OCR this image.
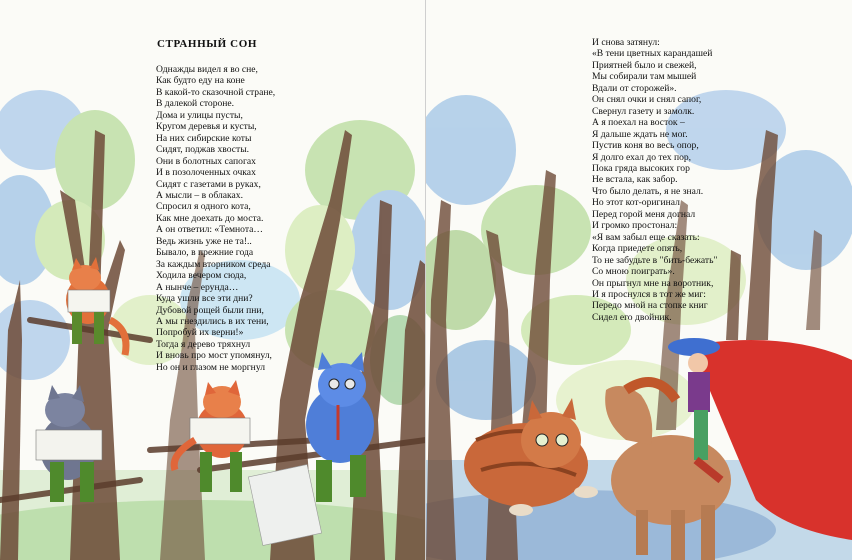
СТРАННЫЙ СОН
Однажды видел я во сне,
Как будто еду на коне
В какой-то сказочной стране,
В далекой стороне.
Дома и улицы пусты,
Кругом деревья и кусты,
На них сибирские коты
Сидят, поджав хвосты.
Они в болотных сапогах
И в позолоченных очках
Сидят с газетами в руках,
А мысли – в облаках.
Спросил я одного кота,
Как мне доехать до моста.
А он ответил: «Темнота…
Ведь жизнь уже не та!..
Бывало, в прежние года
За каждым вторником среда
Ходила вечером сюда,
А нынче – ерунда…
Куда ушли все эти дни?
Дубовой рощей были пни,
А мы гнездились в их тени,
Попробуй их верни!»
Тогда я дерево тряхнул
И вновь про мост упомянул,
Но он и глазом не моргнул
И снова затянул:
«В тени цветных карандашей
Приятней было и свежей,
Мы собирали там мышей
Вдали от сторожей».
Он снял очки и снял сапог,
Свернул газету и замолк.
А я поехал на восток –
Я дальше ждать не мог.
Пустив коня во весь опор,
Я долго ехал до тех пор,
Пока гряда высоких гор
Не встала, как забор.
Что было делать, я не знал.
Но этот кот-оригинал
Перед горой меня догнал
И громко простонал:
«Я вам забыл еще сказать:
Когда приедете опять,
То не забудьте в "бить-бежать"
Со мною поиграть».
Он прыгнул мне на воротник,
И я проснулся в тот же миг:
Передо мной на стопке книг
Сидел его двойник.
